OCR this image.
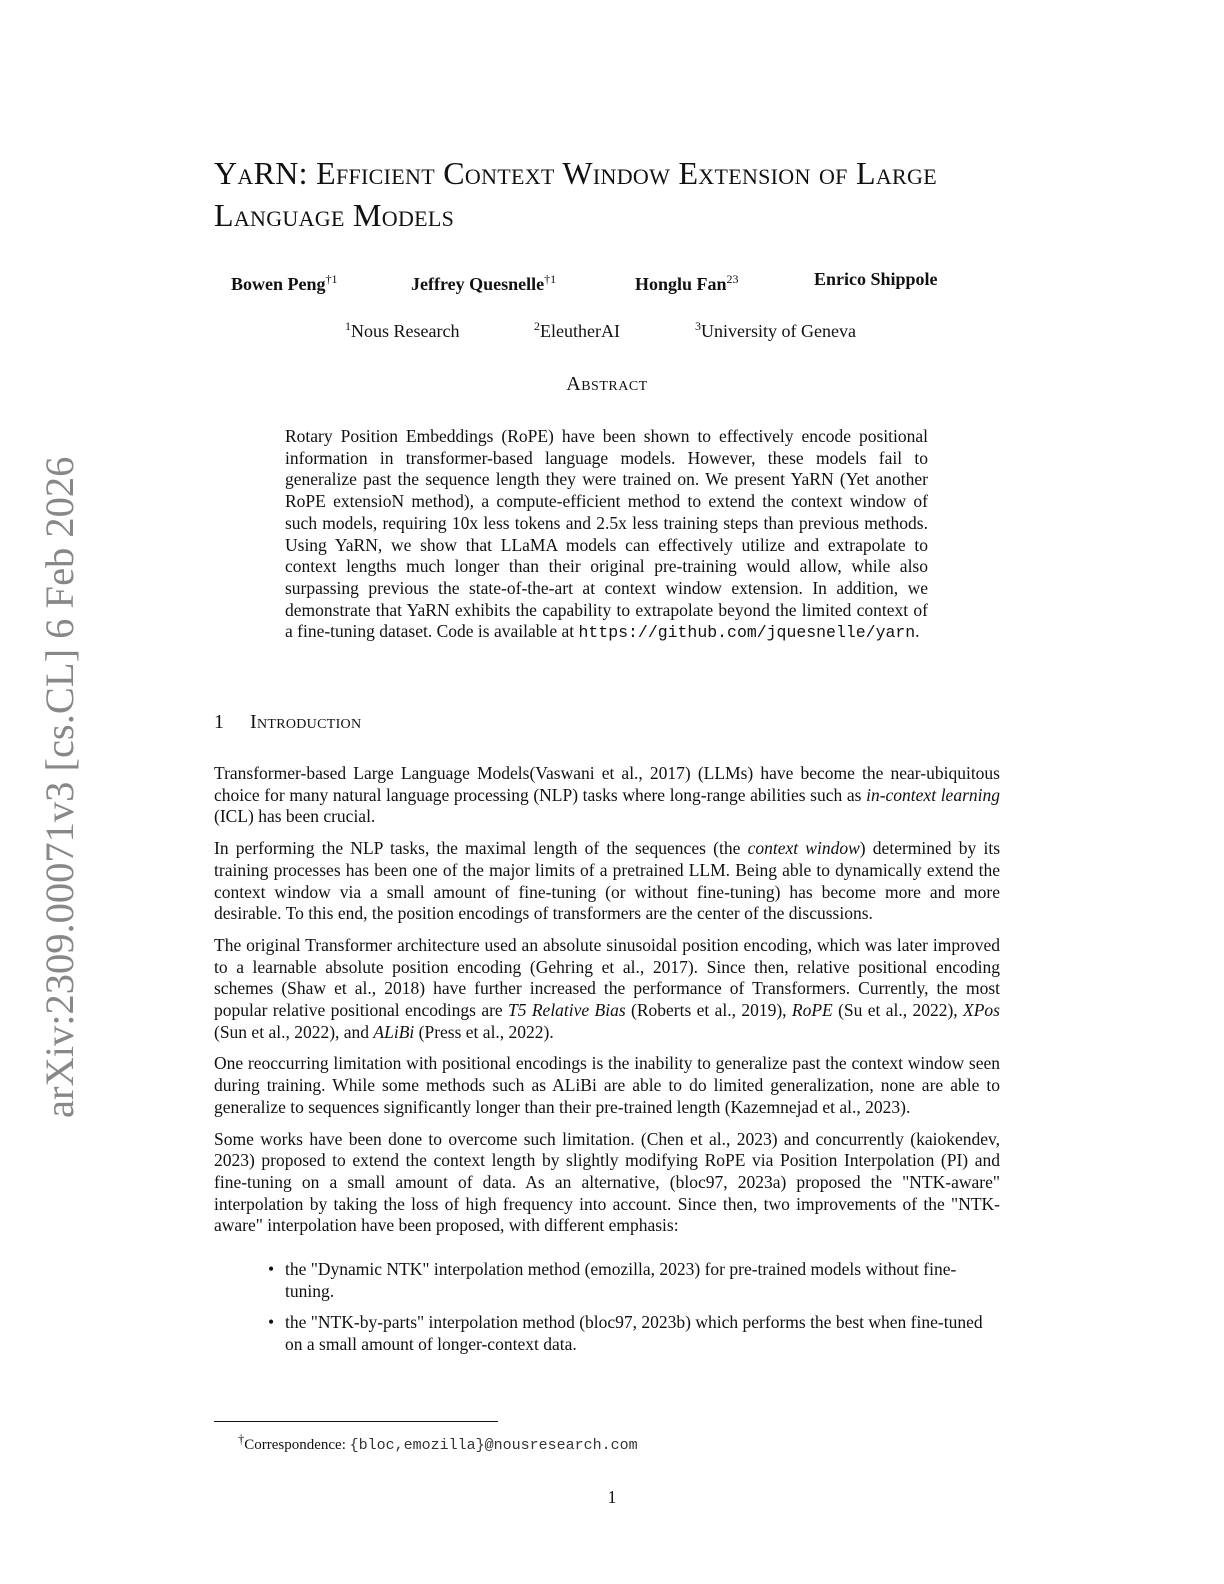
arXiv:2309.00071v3 [cs.CL] 6 Feb 2026
YaRN: Efficient Context Window Extension of Large Language Models
Bowen Peng$^{\dagger 1}$	Jeffrey Quesnelle$^{\dagger 1}$	Honglu Fan$^{23}$	Enrico Shippole
$^1$Nous Research	$^2$EleutherAI	$^3$University of Geneva
Abstract

Rotary Position Embeddings (RoPE) have been shown to effectively encode positional information in transformer-based language models. However, these models fail to generalize past the sequence length they were trained on. We present YaRN (Yet another RoPE extensioN method), a compute-efficient method to extend the context window of such models, requiring 10x less tokens and 2.5x less training steps than previous methods. Using YaRN, we show that LLaMA models can effectively utilize and extrapolate to context lengths much longer than their original pre-training would allow, while also surpassing previous the state-of-the-art at context window extension. In addition, we demonstrate that YaRN exhibits the capability to extrapolate beyond the limited context of a fine-tuning dataset. Code is available at https://github.com/jquesnelle/yarn.

1 Introduction

Transformer-based Large Language Models(Vaswani et al., 2017) (LLMs) have become the near-ubiquitous choice for many natural language processing (NLP) tasks where long-range abilities such as in-context learning (ICL) has been crucial.

In performing the NLP tasks, the maximal length of the sequences (the context window) determined by its training processes has been one of the major limits of a pretrained LLM. Being able to dynamically extend the context window via a small amount of fine-tuning (or without fine-tuning) has become more and more desirable. To this end, the position encodings of transformers are the center of the discussions.

The original Transformer architecture used an absolute sinusoidal position encoding, which was later improved to a learnable absolute position encoding (Gehring et al., 2017). Since then, relative positional encoding schemes (Shaw et al., 2018) have further increased the performance of Transformers. Currently, the most popular relative positional encodings are T5 Relative Bias (Roberts et al., 2019), RoPE (Su et al., 2022), XPos (Sun et al., 2022), and ALiBi (Press et al., 2022).

One reoccurring limitation with positional encodings is the inability to generalize past the context window seen during training. While some methods such as ALiBi are able to do limited generalization, none are able to generalize to sequences significantly longer than their pre-trained length (Kazemnejad et al., 2023).

Some works have been done to overcome such limitation. (Chen et al., 2023) and concurrently (kaiokendev, 2023) proposed to extend the context length by slightly modifying RoPE via Position Interpolation (PI) and fine-tuning on a small amount of data. As an alternative, (bloc97, 2023a) proposed the "NTK-aware" interpolation by taking the loss of high frequency into account. Since then, two improvements of the "NTK-aware" interpolation have been proposed, with different emphasis:

• the "Dynamic NTK" interpolation method (emozilla, 2023) for pre-trained models without fine-tuning.
• the "NTK-by-parts" interpolation method (bloc97, 2023b) which performs the best when fine-tuned on a small amount of longer-context data.
†Correspondence: {bloc,emozilla}@nousresearch.com
1
